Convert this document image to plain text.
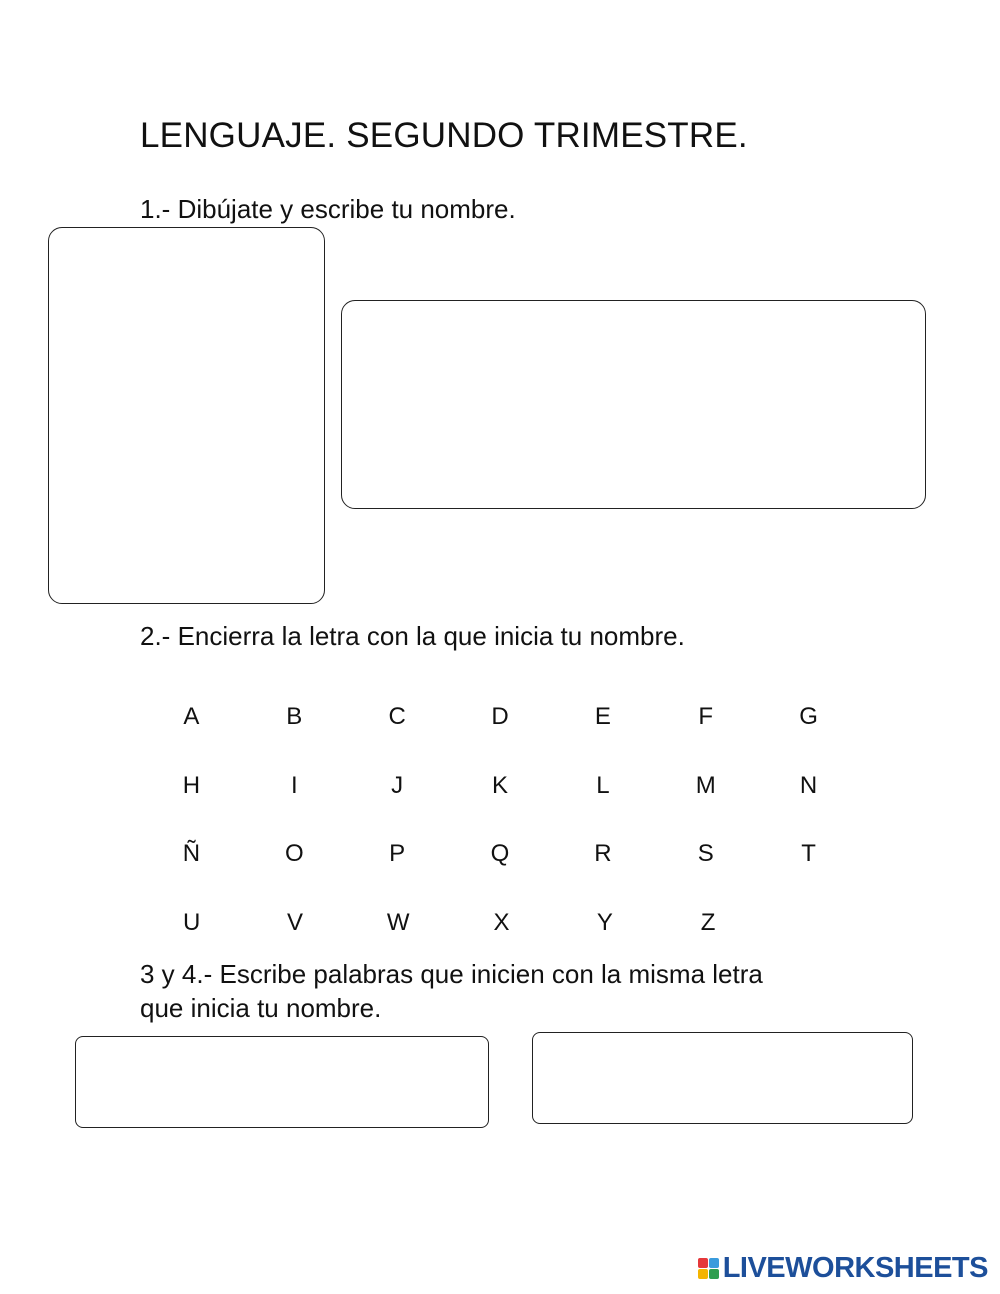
LENGUAJE. SEGUNDO TRIMESTRE.
1.- Dibújate y escribe tu nombre.
2.- Encierra la letra con la que inicia tu nombre.
A	B	C	D	E	F	G
H	I	J	K	L	M	N
Ñ	O	P	Q	R	S	T
U	V	W	X	Y	Z
3 y 4.- Escribe palabras que inicien con la misma letra
que inicia tu nombre.
LIVEWORKSHEETS
